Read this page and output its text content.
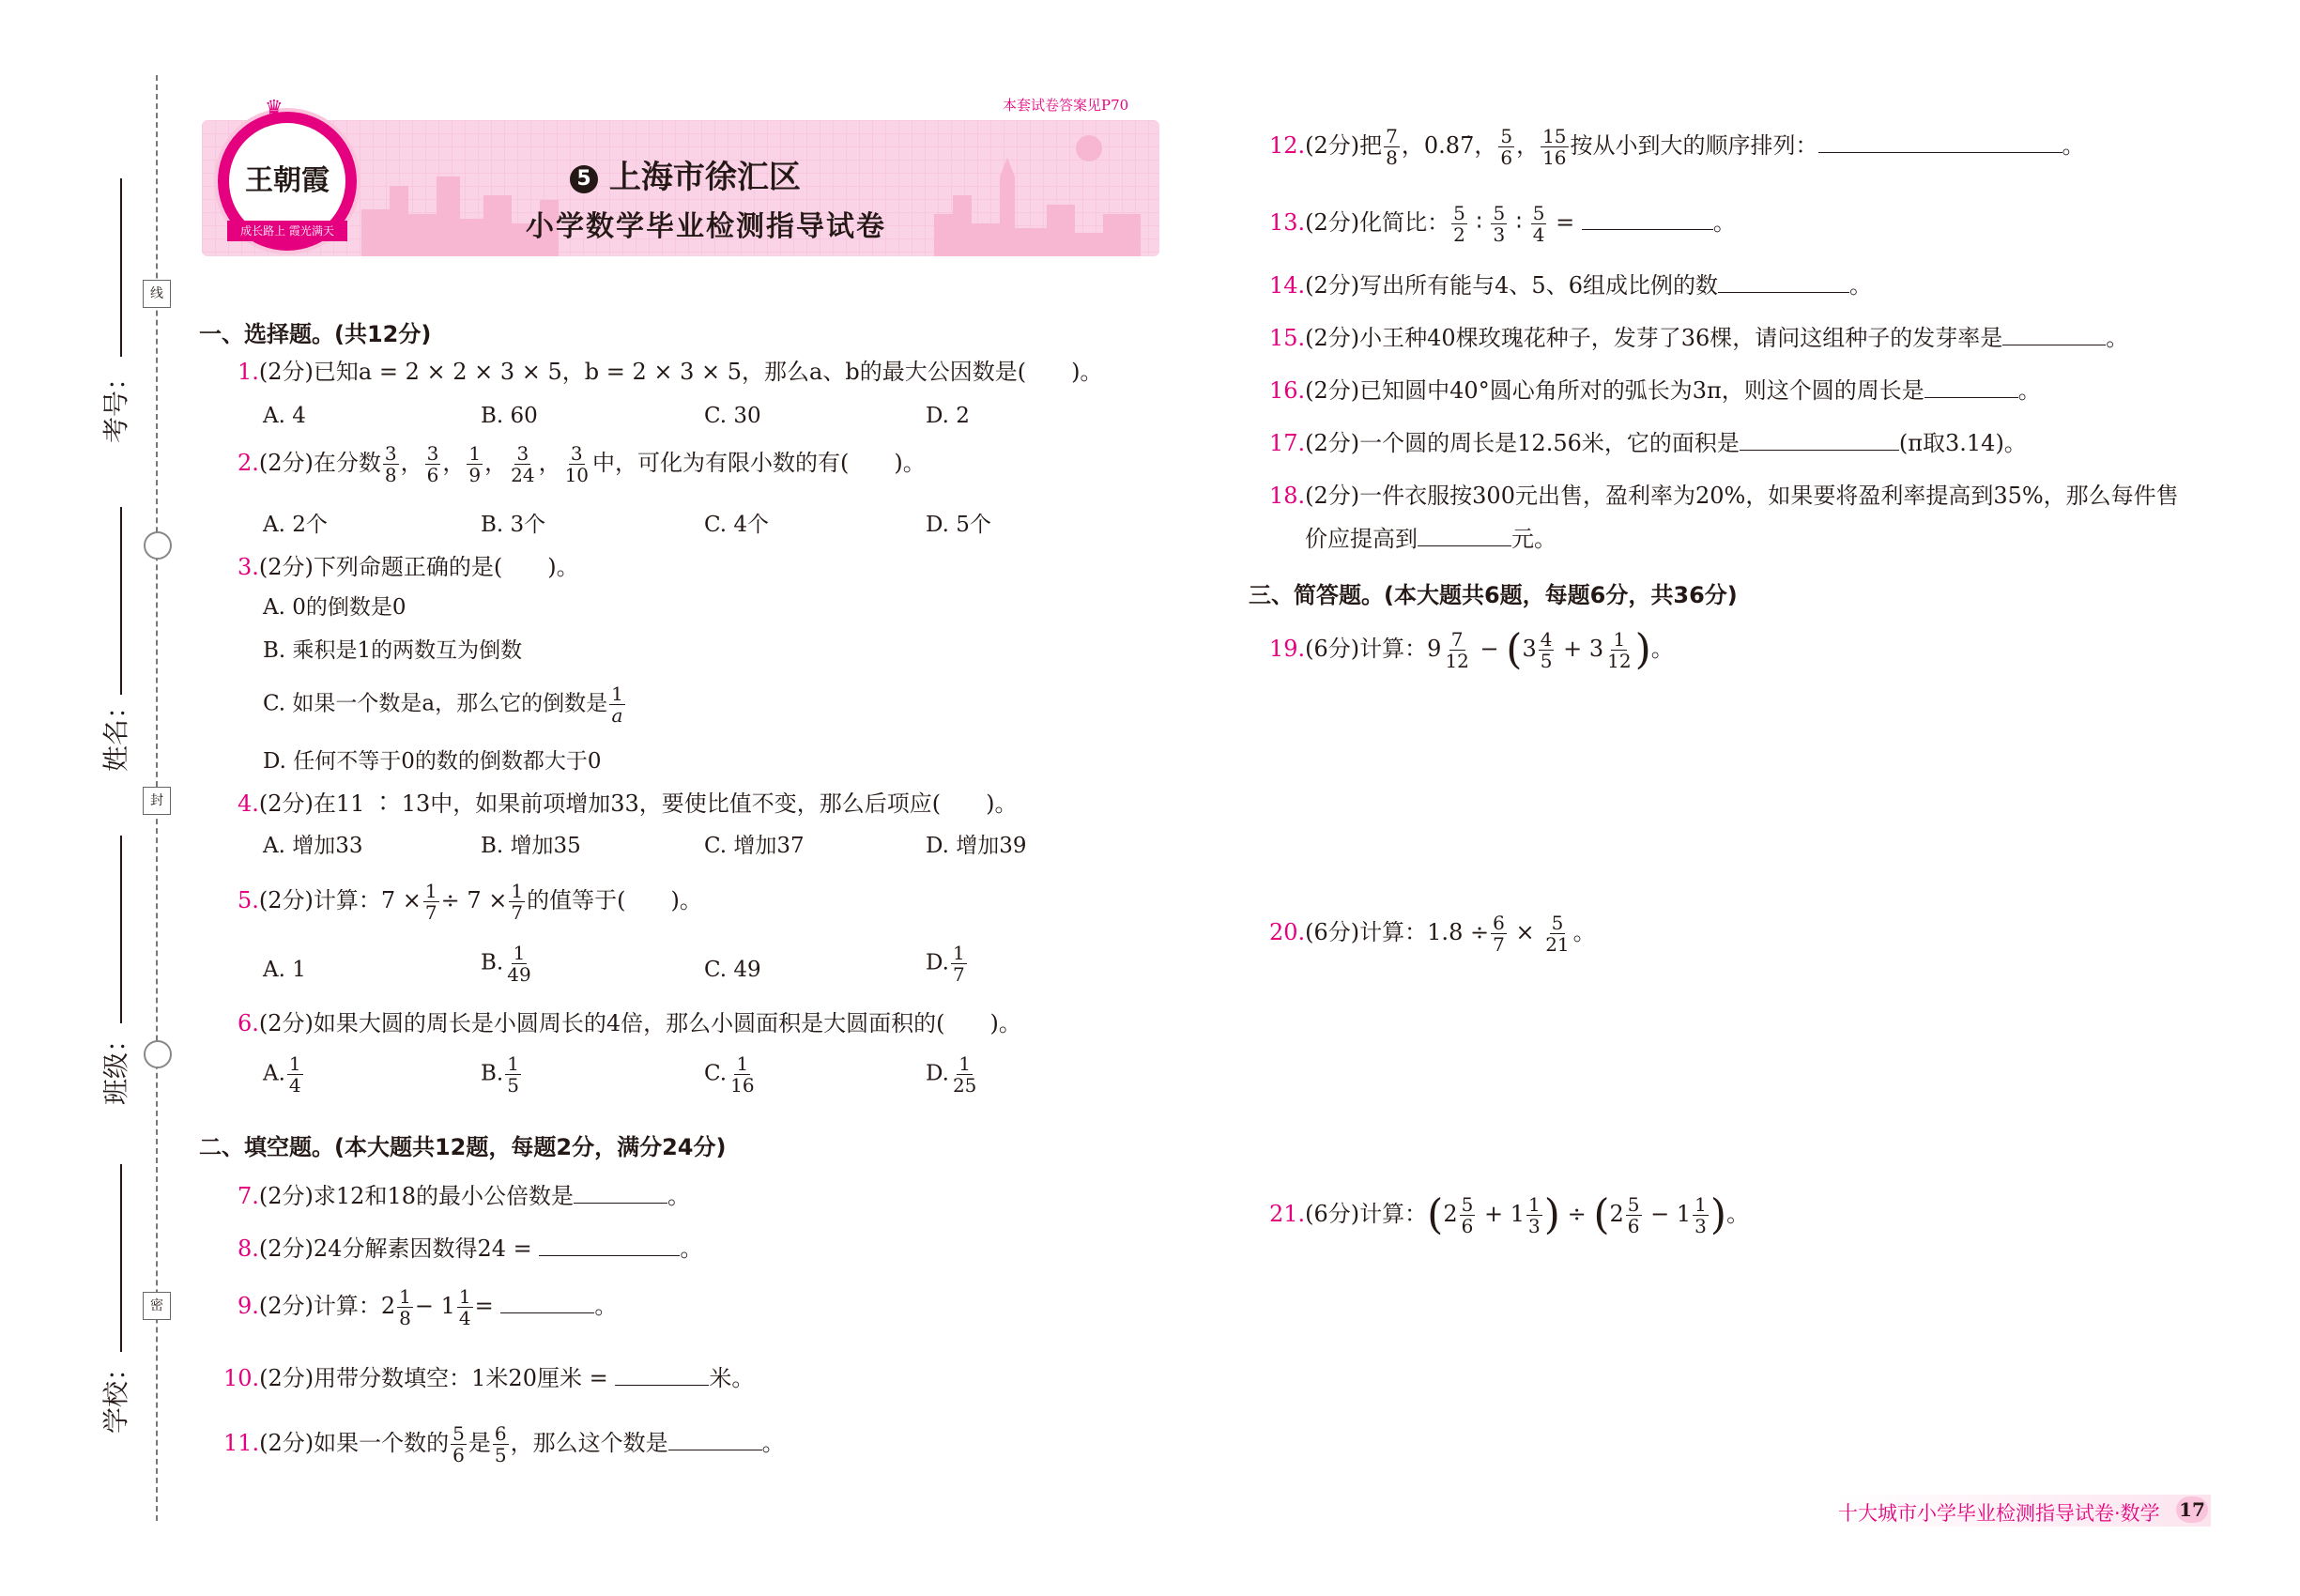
线
封
密
考号：
姓名：
班级：
学校：
本套试卷答案见P70
5 上海市徐汇区
小学数学毕业检测指导试卷
♛
王朝霞
成长路上 霞光满天
一、选择题。(共12分)
1.(2分)已知a = 2 × 2 × 3 × 5，b = 2 × 3 × 5，那么a、b的最大公因数是(　　)。
A. 4	B. 60	C. 30	D. 2
2.(2分)在分数 $\frac{3}{8}$ ， $\frac{3}{6}$ ， $\frac{1}{9}$ ， $\frac{3}{24}$ ， $\frac{3}{10}$ 中，可化为有限小数的有(　　)。
A. 2个	B. 3个	C. 4个	D. 5个
3.(2分)下列命题正确的是(　　)。
A. 0的倒数是0
B. 乘积是1的两数互为倒数
C. 如果一个数是a，那么它的倒数是 $\frac{1}{a}$
D. 任何不等于0的数的倒数都大于0
4.(2分)在11 ∶ 13中，如果前项增加33，要使比值不变，那么后项应(　　)。
A. 增加33	B. 增加35	C. 增加37	D. 增加39
5.(2分)计算：$7 \times \frac{1}{7} \div 7 \times \frac{1}{7}$ 的值等于(　　)。
A. 1	B. $\frac{1}{49}$	C. 49	D. $\frac{1}{7}$
6.(2分)如果大圆的周长是小圆周长的4倍，那么小圆面积是大圆面积的(　　)。
A. $\frac{1}{4}$	B. $\frac{1}{5}$	C. $\frac{1}{16}$	D. $\frac{1}{25}$
二、填空题。(本大题共12题，每题2分，满分24分)
7.(2分)求12和18的最小公倍数是	。
8.(2分)24分解素因数得24 =	。
9.(2分)计算：$2 \frac{1}{8} - 1 \frac{1}{4}$ =	。
10.(2分)用带分数填空：1米20厘米 =	米。
11.(2分)如果一个数的 $\frac{5}{6}$ 是 $\frac{6}{5}$ ，那么这个数是	。
12.(2分)把 $\frac{7}{8}$ ，0.87̇， $\frac{5}{6}$ ， $\frac{15}{16}$ 按从小到大的顺序排列：	。
13.(2分)化简比： $\frac{5}{2}$ ∶ $\frac{5}{3}$ ∶ $\frac{5}{4}$ =	。
14.(2分)写出所有能与4、5、6组成比例的数	。
15.(2分)小王种40棵玫瑰花种子，发芽了36棵，请问这组种子的发芽率是	。
16.(2分)已知圆中40°圆心角所对的弧长为3π，则这个圆的周长是	。
17.(2分)一个圆的周长是12.56米，它的面积是	(π取3.14)。
18.(2分)一件衣服按300元出售，盈利率为20%，如果要将盈利率提高到35%，那么每件售
价应提高到	元。
三、简答题。(本大题共6题，每题6分，共36分)
19.(6分)计算：$9 \frac{7}{12} - (3 \frac{4}{5} + 3 \frac{1}{12}$ )。
20.(6分)计算：$1.8 \div \frac{6}{7} \times \frac{5}{21}$ 。
21.(6分)计算：($2 \frac{5}{6} + 1 \frac{1}{3}$ ) ÷ ($2 \frac{5}{6} - 1 \frac{1}{3}$ )。
十大城市小学毕业检测指导试卷·数学 17
